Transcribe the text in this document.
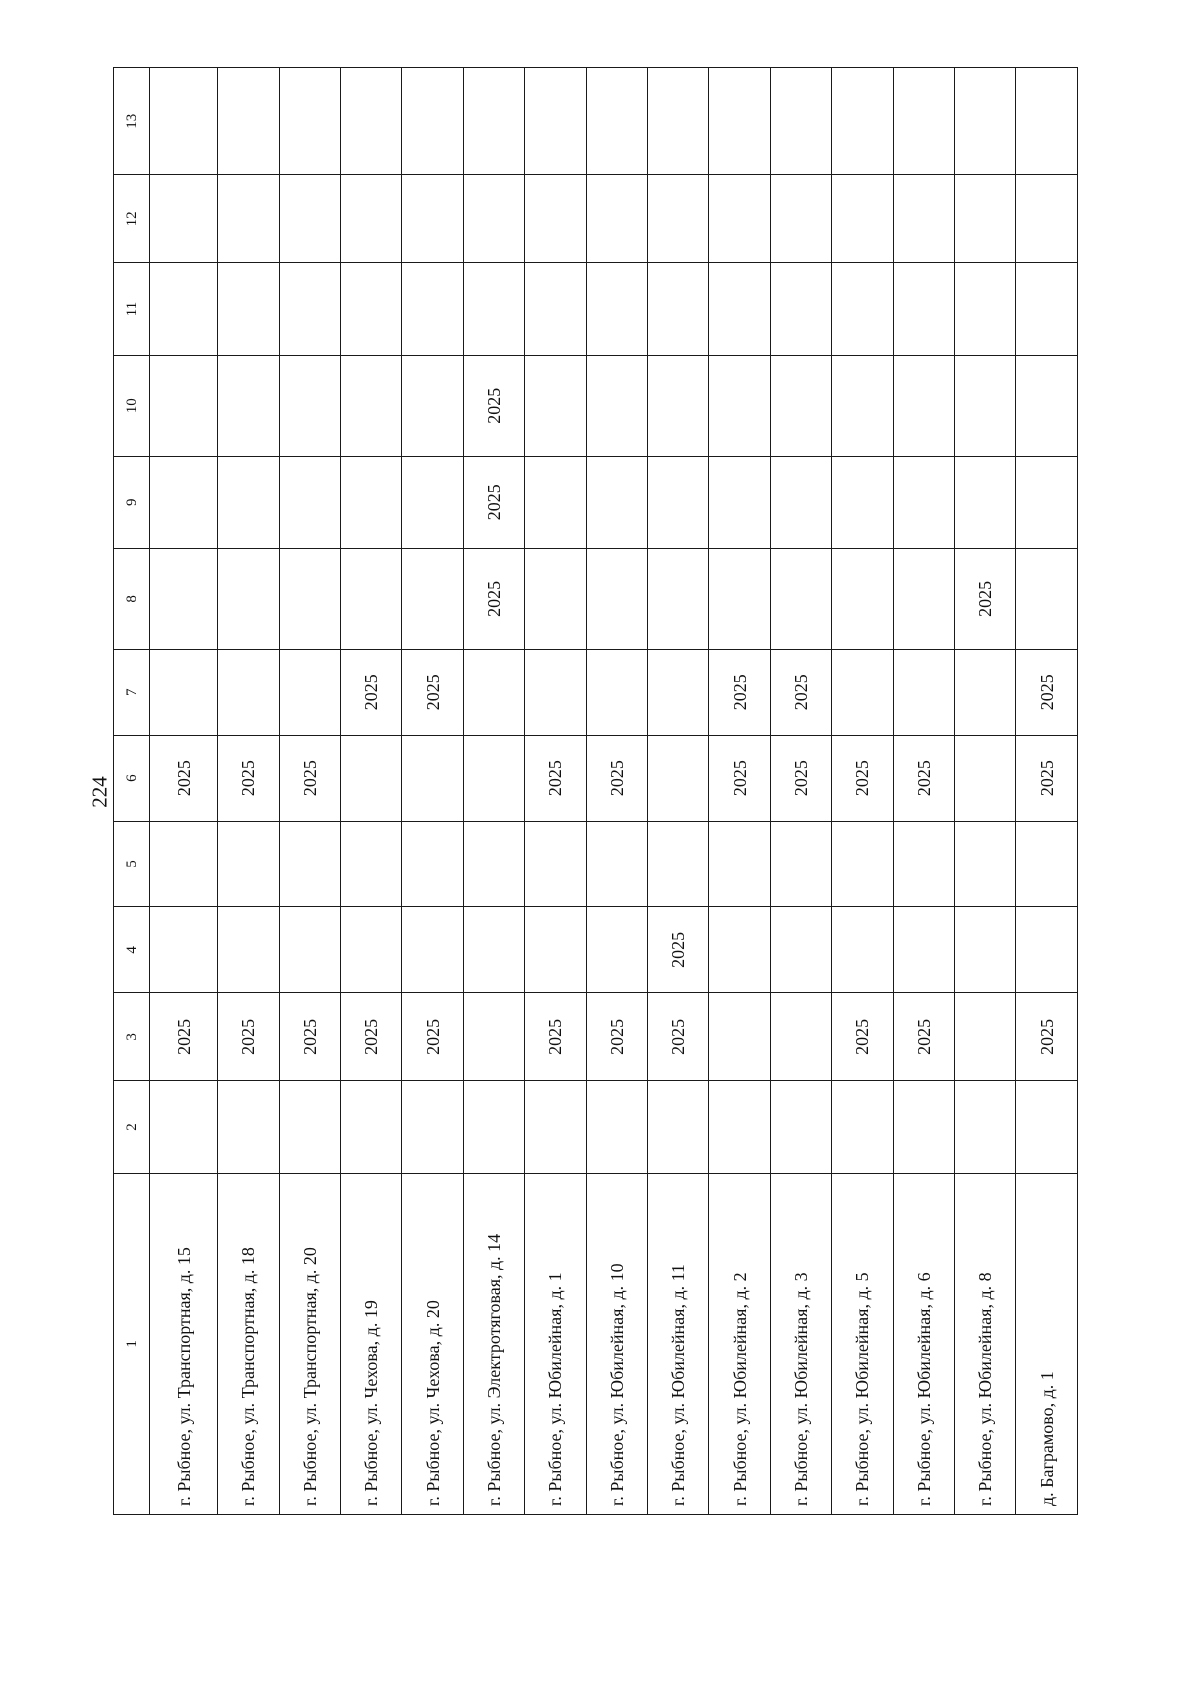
224
1	2	3	4	5	6	7	8	9	10	11	12	13
г. Рыбное, ул. Транспортная, д. 15		2025			2025							
г. Рыбное, ул. Транспортная, д. 18		2025			2025							
г. Рыбное, ул. Транспортная, д. 20		2025			2025							
г. Рыбное, ул. Чехова, д. 19		2025				2025						
г. Рыбное, ул. Чехова, д. 20		2025				2025						
г. Рыбное, ул. Электротяговая, д. 14							2025	2025	2025			
г. Рыбное, ул. Юбилейная, д. 1		2025			2025							
г. Рыбное, ул. Юбилейная, д. 10		2025			2025							
г. Рыбное, ул. Юбилейная, д. 11		2025	2025									
г. Рыбное, ул. Юбилейная, д. 2					2025	2025						
г. Рыбное, ул. Юбилейная, д. 3					2025	2025						
г. Рыбное, ул. Юбилейная, д. 5		2025			2025							
г. Рыбное, ул. Юбилейная, д. 6		2025			2025							
г. Рыбное, ул. Юбилейная, д. 8							2025					
д. Баграмово, д. 1		2025			2025	2025						
